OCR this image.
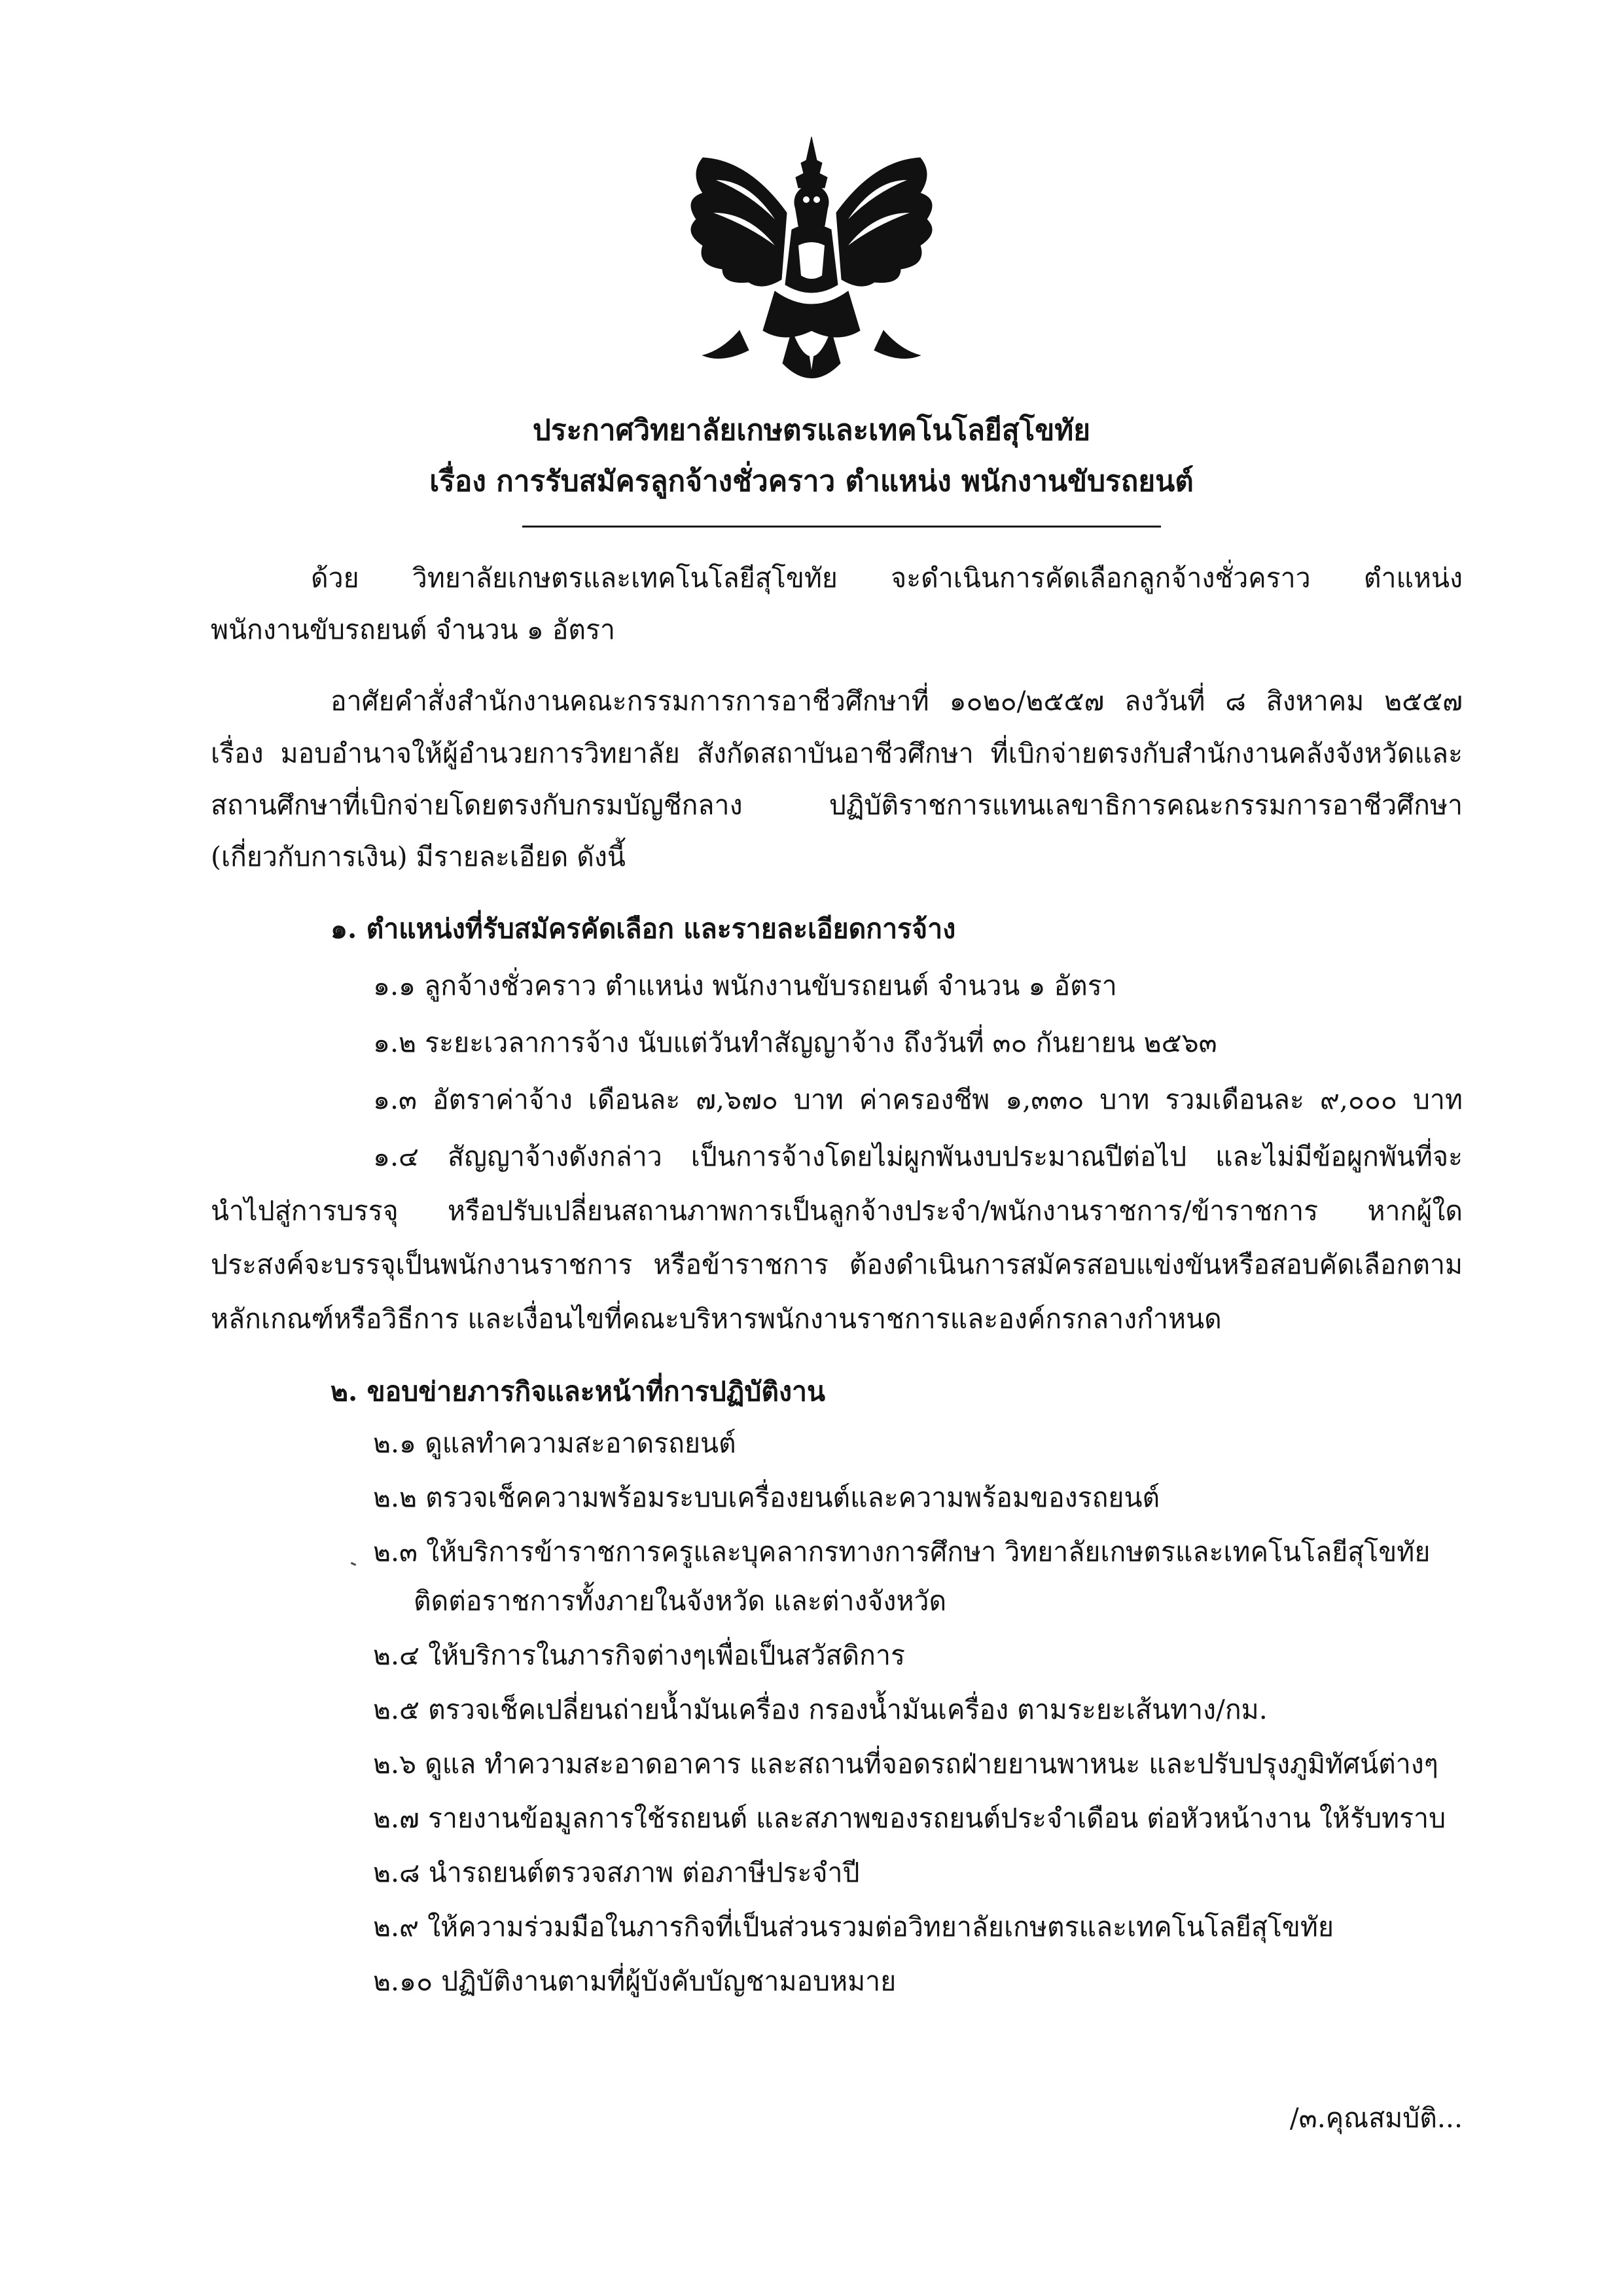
ประกาศวิทยาลัยเกษตรและเทคโนโลยีสุโขทัย
เรื่อง การรับสมัครลูกจ้างชั่วคราว ตำแหน่ง พนักงานขับรถยนต์
ด้วย วิทยาลัยเกษตรและเทคโนโลยีสุโขทัย จะดำเนินการคัดเลือกลูกจ้างชั่วคราว ตำแหน่ง
พนักงานขับรถยนต์ จำนวน ๑ อัตรา
อาศัยคำสั่งสำนักงานคณะกรรมการการอาชีวศึกษาที่ ๑๐๒๐/๒๕๕๗ ลงวันที่ ๘ สิงหาคม ๒๕๕๗
เรื่อง มอบอำนาจให้ผู้อำนวยการวิทยาลัย สังกัดสถาบันอาชีวศึกษา ที่เบิกจ่ายตรงกับสำนักงานคลังจังหวัดและ
สถานศึกษาที่เบิกจ่ายโดยตรงกับกรมบัญชีกลาง ปฏิบัติราชการแทนเลขาธิการคณะกรรมการอาชีวศึกษา
(เกี่ยวกับการเงิน) มีรายละเอียด ดังนี้
๑. ตำแหน่งที่รับสมัครคัดเลือก และรายละเอียดการจ้าง
๑.๑ ลูกจ้างชั่วคราว ตำแหน่ง พนักงานขับรถยนต์ จำนวน ๑ อัตรา
๑.๒ ระยะเวลาการจ้าง นับแต่วันทำสัญญาจ้าง ถึงวันที่ ๓๐ กันยายน ๒๕๖๓
๑.๓ อัตราค่าจ้าง เดือนละ ๗,๖๗๐ บาท ค่าครองชีพ ๑,๓๓๐ บาท รวมเดือนละ ๙,๐๐๐ บาท
๑.๔ สัญญาจ้างดังกล่าว เป็นการจ้างโดยไม่ผูกพันงบประมาณปีต่อไป และไม่มีข้อผูกพันที่จะ
นำไปสู่การบรรจุ หรือปรับเปลี่ยนสถานภาพการเป็นลูกจ้างประจำ/พนักงานราชการ/ข้าราชการ หากผู้ใด
ประสงค์จะบรรจุเป็นพนักงานราชการ หรือข้าราชการ ต้องดำเนินการสมัครสอบแข่งขันหรือสอบคัดเลือกตาม
หลักเกณฑ์หรือวิธีการ และเงื่อนไขที่คณะบริหารพนักงานราชการและองค์กรกลางกำหนด
๒. ขอบข่ายภารกิจและหน้าที่การปฏิบัติงาน
๒.๑ ดูแลทำความสะอาดรถยนต์
๒.๒ ตรวจเช็คความพร้อมระบบเครื่องยนต์และความพร้อมของรถยนต์
๒.๓ ให้บริการข้าราชการครูและบุคลากรทางการศึกษา วิทยาลัยเกษตรและเทคโนโลยีสุโขทัย
ติดต่อราชการทั้งภายในจังหวัด และต่างจังหวัด
๒.๔ ให้บริการในภารกิจต่างๆเพื่อเป็นสวัสดิการ
๒.๕ ตรวจเช็คเปลี่ยนถ่ายน้ำมันเครื่อง กรองน้ำมันเครื่อง ตามระยะเส้นทาง/กม.
๒.๖ ดูแล ทำความสะอาดอาคาร และสถานที่จอดรถฝ่ายยานพาหนะ และปรับปรุงภูมิทัศน์ต่างๆ
๒.๗ รายงานข้อมูลการใช้รถยนต์ และสภาพของรถยนต์ประจำเดือน ต่อหัวหน้างาน ให้รับทราบ
๒.๘ นำรถยนต์ตรวจสภาพ ต่อภาษีประจำปี
๒.๙ ให้ความร่วมมือในภารกิจที่เป็นส่วนรวมต่อวิทยาลัยเกษตรและเทคโนโลยีสุโขทัย
๒.๑๐ ปฏิบัติงานตามที่ผู้บังคับบัญชามอบหมาย
/๓.คุณสมบัติ...
